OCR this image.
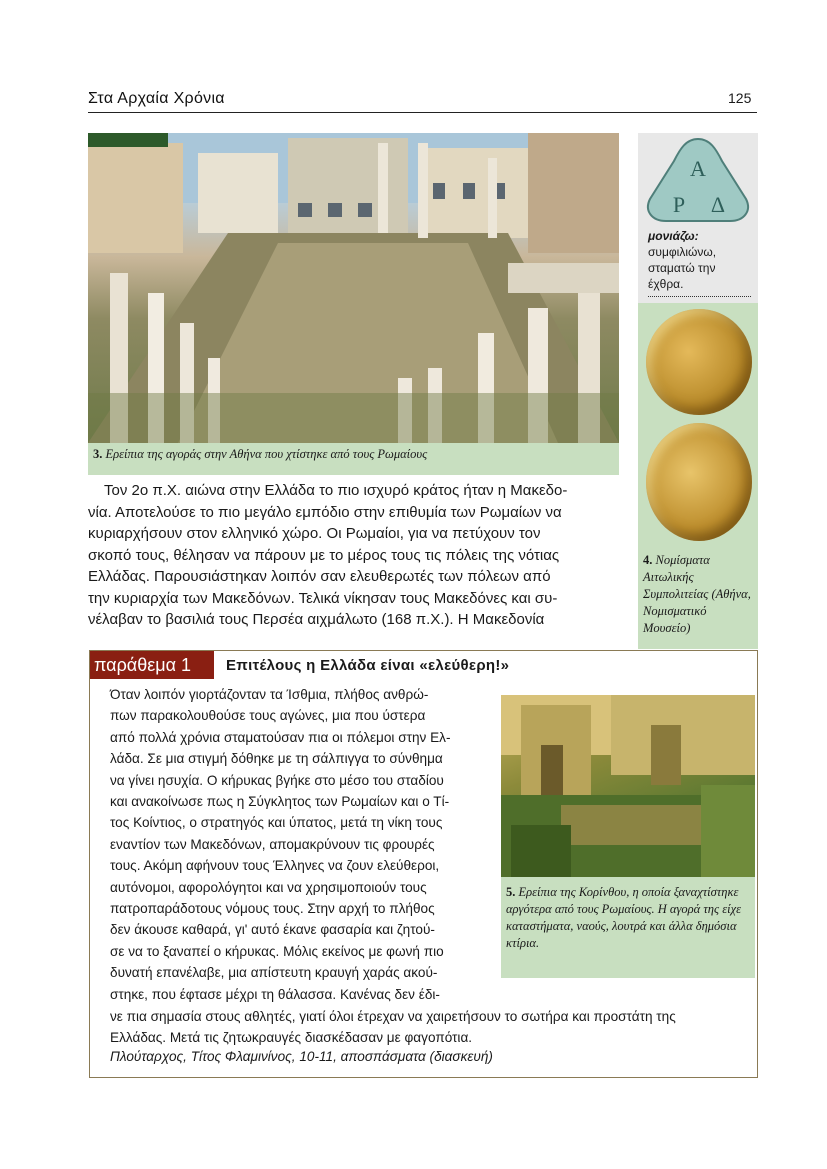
Στα Αρχαία Χρόνια	125
3. Ερείπια της αγοράς στην Αθήνα που χτίστηκε από τους Ρωμαίους
Α
Ρ Δ
μονιάζω:
συμφιλιώνω, σταματώ την έχθρα.
4. Νομίσματα Αιτωλικής Συμπολιτείας (Αθήνα, Νομισματικό Μουσείο)
Τον 2ο π.Χ. αιώνα στην Ελλάδα το πιο ισχυρό κράτος ήταν η Μακεδο-
νία. Αποτελούσε το πιο μεγάλο εμπόδιο στην επιθυμία των Ρωμαίων να
κυριαρχήσουν στον ελληνικό χώρο. Οι Ρωμαίοι, για να πετύχουν τον
σκοπό τους, θέλησαν να πάρουν με το μέρος τους τις πόλεις της νότιας
Ελλάδας. Παρουσιάστηκαν λοιπόν σαν ελευθερωτές των πόλεων από
την κυριαρχία των Μακεδόνων. Τελικά νίκησαν τους Μακεδόνες και συ-
νέλαβαν το βασιλιά τους Περσέα αιχμάλωτο (168 π.Χ.). Η Μακεδονία
παράθεμα 1	Επιτέλους η Ελλάδα είναι «ελεύθερη!»
Όταν λοιπόν γιορτάζονταν τα Ίσθμια, πλήθος ανθρώ-
πων παρακολουθούσε τους αγώνες, μια που ύστερα
από πολλά χρόνια σταματούσαν πια οι πόλεμοι στην Ελ-
λάδα. Σε μια στιγμή δόθηκε με τη σάλπιγγα το σύνθημα
να γίνει ησυχία. Ο κήρυκας βγήκε στο μέσο του σταδίου
και ανακοίνωσε πως η Σύγκλητος των Ρωμαίων και ο Τί-
τος Κοίντιος, ο στρατηγός και ύπατος, μετά τη νίκη τους
εναντίον των Μακεδόνων, απομακρύνουν τις φρουρές
τους. Ακόμη αφήνουν τους Έλληνες να ζουν ελεύθεροι,
αυτόνομοι, αφορολόγητοι και να χρησιμοποιούν τους
πατροπαράδοτους νόμους τους. Στην αρχή το πλήθος
δεν άκουσε καθαρά, γι' αυτό έκανε φασαρία και ζητού-
σε να το ξαναπεί ο κήρυκας. Μόλις εκείνος με φωνή πιο
δυνατή επανέλαβε, μια απίστευτη κραυγή χαράς ακού-
στηκε, που έφτασε μέχρι τη θάλασσα. Κανένας δεν έδι-
νε πια σημασία στους αθλητές, γιατί όλοι έτρεχαν να χαιρετήσουν το σωτήρα και προστάτη της
Ελλάδας. Μετά τις ζητωκραυγές διασκέδασαν με φαγοπότια.
Πλούταρχος, Τίτος Φλαμινίνος, 10-11, αποσπάσματα (διασκευή)
5. Ερείπια της Κορίνθου, η οποία ξαναχτίστηκε αργότερα από τους Ρωμαίους. Η αγορά της είχε καταστήματα, ναούς, λουτρά και άλλα δημόσια κτίρια.
